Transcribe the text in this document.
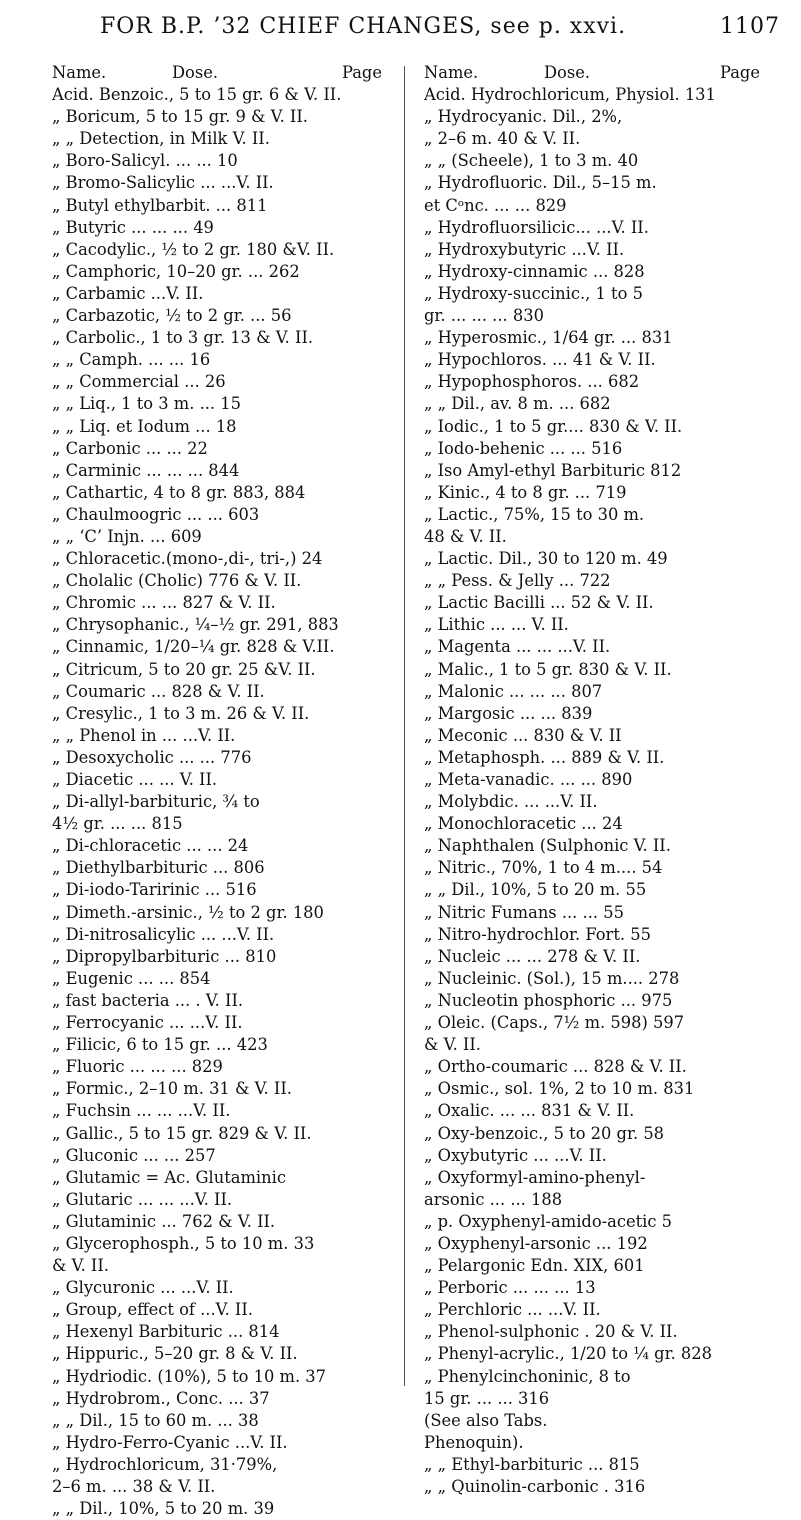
FOR B.P. ’32 CHIEF CHANGES, see p. xxvi.	1107
Name.	Dose.	Page
Acid. Benzoic., 5 to 15 gr. 6 & V. II.
„ Boricum, 5 to 15 gr. 9 & V. II.
„ „ Detection, in Milk V. II.
„ Boro-Salicyl. ... ... 10
„ Bromo-Salicylic ... ...V. II.
„ Butyl ethylbarbit. ... 811
„ Butyric ... ... ... 49
„ Cacodylic., ½ to 2 gr. 180 &V. II.
„ Camphoric, 10–20 gr. ... 262
„ Carbamic ...V. II.
„ Carbazotic, ½ to 2 gr. ... 56
„ Carbolic., 1 to 3 gr. 13 & V. II.
„ „ Camph. ... ... 16
„ „ Commercial ... 26
„ „ Liq., 1 to 3 m. ... 15
„ „ Liq. et Iodum ... 18
„ Carbonic ... ... 22
„ Carminic ... ... ... 844
„ Cathartic, 4 to 8 gr. 883, 884
„ Chaulmoogric ... ... 603
„ „ ‘C’ Injn. ... 609
„ Chloracetic.(mono-,di-, tri-,) 24
„ Cholalic (Cholic) 776 & V. II.
„ Chromic ... ... 827 & V. II.
„ Chrysophanic., ¼–½ gr. 291, 883
„ Cinnamic, 1/20–¼ gr. 828 & V.II.
„ Citricum, 5 to 20 gr. 25 &V. II.
„ Coumaric ... 828 & V. II.
„ Cresylic., 1 to 3 m. 26 & V. II.
„ „ Phenol in ... ...V. II.
„ Desoxycholic ... ... 776
„ Diacetic ... ... V. II.
„ Di-allyl-barbituric, ¾ to
4½ gr. ... ... 815
„ Di-chloracetic ... ... 24
„ Diethylbarbituric ... 806
„ Di-iodo-Taririnic ... 516
„ Dimeth.-arsinic., ½ to 2 gr. 180
„ Di-nitrosalicylic ... ...V. II.
„ Dipropylbarbituric ... 810
„ Eugenic ... ... 854
„ fast bacteria ... . V. II.
„ Ferrocyanic ... ...V. II.
„ Filicic, 6 to 15 gr. ... 423
„ Fluoric ... ... ... 829
„ Formic., 2–10 m. 31 & V. II.
„ Fuchsin ... ... ...V. II.
„ Gallic., 5 to 15 gr. 829 & V. II.
„ Gluconic ... ... 257
„ Glutamic = Ac. Glutaminic
„ Glutaric ... ... ...V. II.
„ Glutaminic ... 762 & V. II.
„ Glycerophosph., 5 to 10 m. 33
& V. II.
„ Glycuronic ... ...V. II.
„ Group, effect of ...V. II.
„ Hexenyl Barbituric ... 814
„ Hippuric., 5–20 gr. 8 & V. II.
„ Hydriodic. (10%), 5 to 10 m. 37
„ Hydrobrom., Conc. ... 37
„ „ Dil., 15 to 60 m. ... 38
„ Hydro-Ferro-Cyanic ...V. II.
„ Hydrochloricum, 31·79%,
2–6 m. ... 38 & V. II.
„ „ Dil., 10%, 5 to 20 m. 39
Name.	Dose.	Page
Acid. Hydrochloricum, Physiol. 131
„ Hydrocyanic. Dil., 2%,
„ 2–6 m. 40 & V. II.
„ „ (Scheele), 1 to 3 m. 40
„ Hydrofluoric. Dil., 5–15 m.
et Cᵒnc. ... ... 829
„ Hydrofluorsilicic... ...V. II.
„ Hydroxybutyric ...V. II.
„ Hydroxy-cinnamic ... 828
„ Hydroxy-succinic., 1 to 5
gr. ... ... ... 830
„ Hyperosmic., 1/64 gr. ... 831
„ Hypochloros. ... 41 & V. II.
„ Hypophosphoros. ... 682
„ „ Dil., av. 8 m. ... 682
„ Iodic., 1 to 5 gr.... 830 & V. II.
„ Iodo-behenic ... ... 516
„ Iso Amyl-ethyl Barbituric 812
„ Kinic., 4 to 8 gr. ... 719
„ Lactic., 75%, 15 to 30 m.
48 & V. II.
„ Lactic. Dil., 30 to 120 m. 49
„ „ Pess. & Jelly ... 722
„ Lactic Bacilli ... 52 & V. II.
„ Lithic ... ... V. II.
„ Magenta ... ... ...V. II.
„ Malic., 1 to 5 gr. 830 & V. II.
„ Malonic ... ... ... 807
„ Margosic ... ... 839
„ Meconic ... 830 & V. II
„ Metaphosph. ... 889 & V. II.
„ Meta-vanadic. ... ... 890
„ Molybdic. ... ...V. II.
„ Monochloracetic ... 24
„ Naphthalen (Sulphonic V. II.
„ Nitric., 70%, 1 to 4 m.... 54
„ „ Dil., 10%, 5 to 20 m. 55
„ Nitric Fumans ... ... 55
„ Nitro-hydrochlor. Fort. 55
„ Nucleic ... ... 278 & V. II.
„ Nucleinic. (Sol.), 15 m.... 278
„ Nucleotin phosphoric ... 975
„ Oleic. (Caps., 7½ m. 598) 597
& V. II.
„ Ortho-coumaric ... 828 & V. II.
„ Osmic., sol. 1%, 2 to 10 m. 831
„ Oxalic. ... ... 831 & V. II.
„ Oxy-benzoic., 5 to 20 gr. 58
„ Oxybutyric ... ...V. II.
„ Oxyformyl-amino-phenyl-
arsonic ... ... 188
„ p. Oxyphenyl-amido-acetic 5
„ Oxyphenyl-arsonic ... 192
„ Pelargonic Edn. XIX, 601
„ Perboric ... ... ... 13
„ Perchloric ... ...V. II.
„ Phenol-sulphonic . 20 & V. II.
„ Phenyl-acrylic., 1/20 to ¼ gr. 828
„ Phenylcinchoninic, 8 to
15 gr. ... ... 316
(See also Tabs.
Phenoquin).
„ „ Ethyl-barbituric ... 815
„ „ Quinolin-carbonic . 316
